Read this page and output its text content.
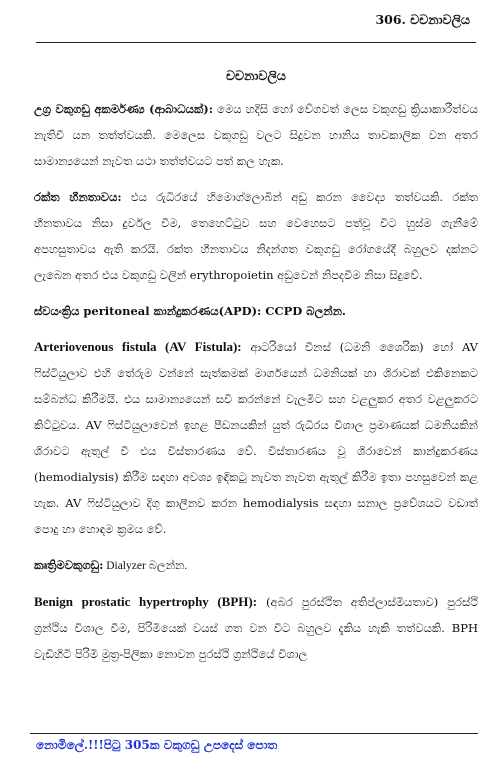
306. චචනාවලිය
චචනාවලිය

උග්‍ර වකුගඩු අකර්මණ්‍ය (ආබාධයක්): මෙය හදිසි හෝ වේගවත් ලෙස වකුගඩු ක්‍රියාකාරීත්වය නැතිවී යන තත්ත්වයකි. මෙලෙස වකුගඩු වලට සිදුවන හානිය තාවකාලික වන අතර සාමාන්‍යයෙන් නැවත යථා තත්ත්වයට පත් කල හැක.

රක්ත හීනතාවය: එය රුධිරයේ හිමොග්ලොබින් අඩු කරන වෛද්‍ය තත්වයකි. රක්ත හීනතාවය නිසා දුර්වල වීම, තෙහෙට්ටුව සහ වෙහෙසට පත්වූ විට හුස්ම ගැනීමේ අපහසුතාවය ඇති කරයි. රක්ත හීනතාවය නිදන්ගත වකුගඩු රෝගයේදී බහුලව දක්නට ලැබෙන අතර එය වකුගඩු වලින් erythropoietin අඩුවෙන් නිපදවීම නිසා සිදුවේ.

ස්වයංක්‍රිය peritoneal කාන්දුකරණය(APD): CCPD බලන්න.

Arteriovenous fistula (AV Fistula): ආටරියෝ වීනස් (ධමනි ශෛරික) හෝ AV ෆිස්ටියුලාව එහි තේරුම වන්නේ සැත්කමක් මාර්ගයෙන් ධමනියක් හා ශිරාවක් එකිනෙකට සම්බන්ධ කිරීමයි. එය සාමාන්‍යයෙන් සවි කරන්නේ වැලමිට සහ වළලුකර අතර වළලුකරට කිට්ටුවය. AV ෆිස්ටියුලාවෙන් ඉහළ පීඩනයකින් යුත් රුධිරය විශාල ප්‍රමාණයක් ධමනියකින් ශිරාවට ඇතුල් වී එය විස්තාරණය වේ. විස්තාරණය වූ ශිරාවෙන් කාන්දුකරණය (hemodialysis) කිරීම සඳහා අවශ්‍ය ඉඳිකටු නැවත නැවත ඇතුල් කිරීම ඉතා පහසුවෙන් කළ හැක. AV ෆිස්ටියුලාව දිගු කාලීනව කරන hemodialysis සඳහා සනාල ප්‍රවේශයට වඩාත් පොදු හා හොඳම ක්‍රමය වේ.

කෘත්‍රිමවකුගඩු: Dialyzer බලන්න.

Benign prostatic hypertrophy (BPH): (අබර පුරස්ථිත අතිප්ලාස්මියතාව) පුරස්ථි ග්‍රන්ථිය විශාල වීම, පිරිමියෙක් වයස් ගත වන විට බහුලව දැකිය හැකි තත්වයකි. BPH වැඩිහිටි පිරිමි මුත්‍ර-පිලිකා නොවන පුරස්ථි ග්‍රන්ථියේ විශාල

නොමිලේ.!!!පිටු 305ක වකුගඩු උපදෙස් පොත
